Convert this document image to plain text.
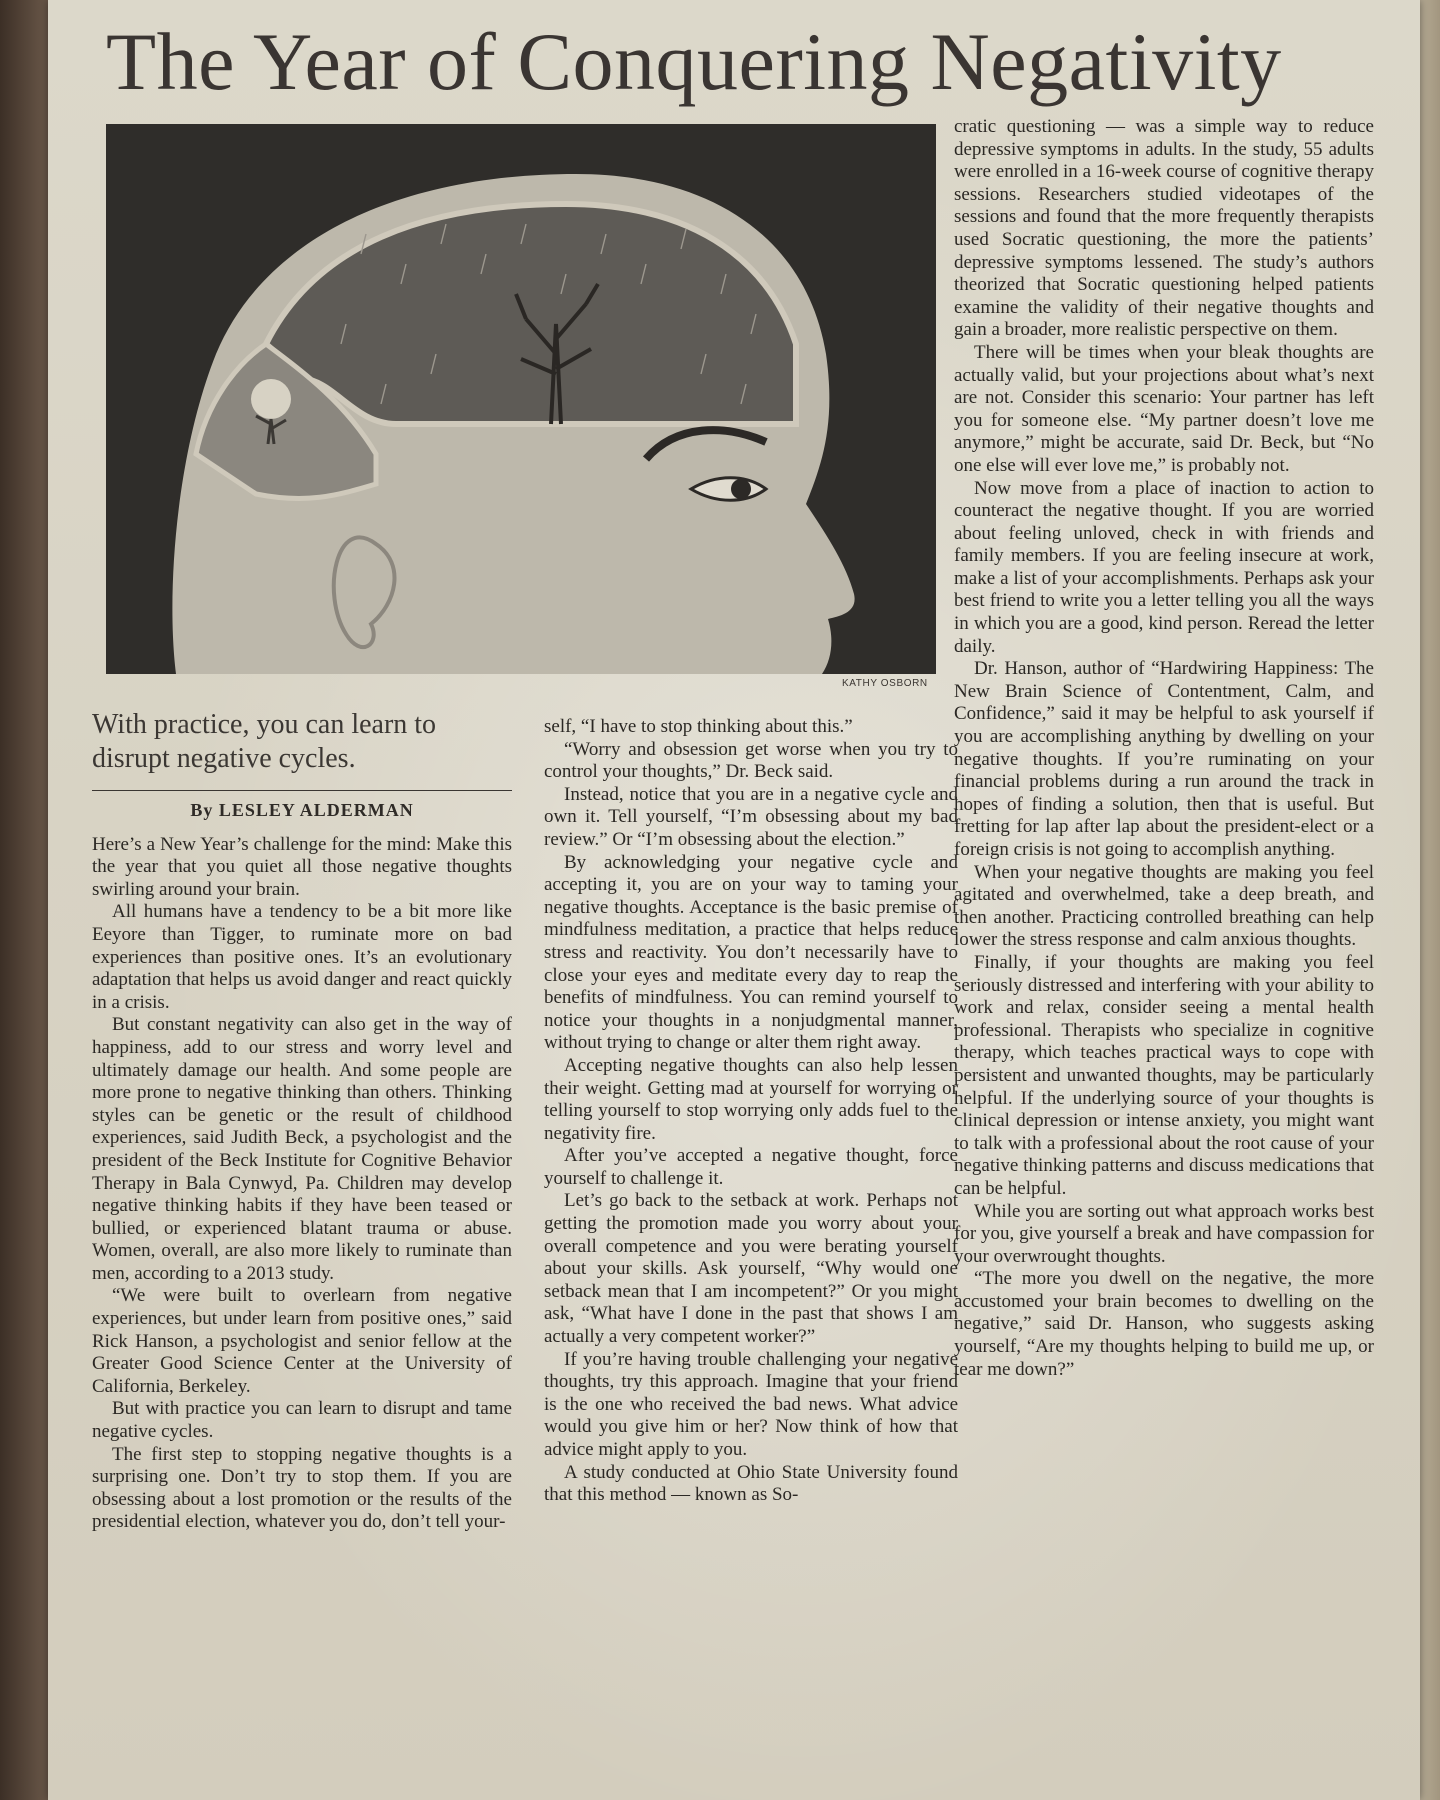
The Year of Conquering Negativity
KATHY OSBORN
With practice, you can learn to disrupt negative cycles.
By LESLEY ALDERMAN

Here’s a New Year’s challenge for the mind: Make this the year that you quiet all those negative thoughts swirling around your brain.

All humans have a tendency to be a bit more like Eeyore than Tigger, to ruminate more on bad experiences than positive ones. It’s an evolutionary adaptation that helps us avoid danger and react quickly in a crisis.

But constant negativity can also get in the way of happiness, add to our stress and worry level and ultimately damage our health. And some people are more prone to negative thinking than others. Thinking styles can be genetic or the result of childhood experiences, said Judith Beck, a psychologist and the president of the Beck Institute for Cognitive Behavior Therapy in Bala Cynwyd, Pa. Children may develop negative thinking habits if they have been teased or bullied, or experienced blatant trauma or abuse. Women, overall, are also more likely to ruminate than men, according to a 2013 study.

“We were built to overlearn from negative experiences, but under learn from positive ones,” said Rick Hanson, a psychologist and senior fellow at the Greater Good Science Center at the University of California, Berkeley.

But with practice you can learn to disrupt and tame negative cycles.

The first step to stopping negative thoughts is a surprising one. Don’t try to stop them. If you are obsessing about a lost promotion or the results of the presidential election, whatever you do, don’t tell your-

self, “I have to stop thinking about this.”

“Worry and obsession get worse when you try to control your thoughts,” Dr. Beck said.

Instead, notice that you are in a negative cycle and own it. Tell yourself, “I’m obsessing about my bad review.” Or “I’m obsessing about the election.”

By acknowledging your negative cycle and accepting it, you are on your way to taming your negative thoughts. Acceptance is the basic premise of mindfulness meditation, a practice that helps reduce stress and reactivity. You don’t necessarily have to close your eyes and meditate every day to reap the benefits of mindfulness. You can remind yourself to notice your thoughts in a nonjudgmental manner, without trying to change or alter them right away.

Accepting negative thoughts can also help lessen their weight. Getting mad at yourself for worrying or telling yourself to stop worrying only adds fuel to the negativity fire.

After you’ve accepted a negative thought, force yourself to challenge it.

Let’s go back to the setback at work. Perhaps not getting the promotion made you worry about your overall competence and you were berating yourself about your skills. Ask yourself, “Why would one setback mean that I am incompetent?” Or you might ask, “What have I done in the past that shows I am actually a very competent worker?”

If you’re having trouble challenging your negative thoughts, try this approach. Imagine that your friend is the one who received the bad news. What advice would you give him or her? Now think of how that advice might apply to you.

A study conducted at Ohio State University found that this method — known as So-

cratic questioning — was a simple way to reduce depressive symptoms in adults. In the study, 55 adults were enrolled in a 16-week course of cognitive therapy sessions. Researchers studied videotapes of the sessions and found that the more frequently therapists used Socratic questioning, the more the patients’ depressive symptoms lessened. The study’s authors theorized that Socratic questioning helped patients examine the validity of their negative thoughts and gain a broader, more realistic perspective on them.

There will be times when your bleak thoughts are actually valid, but your projections about what’s next are not. Consider this scenario: Your partner has left you for someone else. “My partner doesn’t love me anymore,” might be accurate, said Dr. Beck, but “No one else will ever love me,” is probably not.

Now move from a place of inaction to action to counteract the negative thought. If you are worried about feeling unloved, check in with friends and family members. If you are feeling insecure at work, make a list of your accomplishments. Perhaps ask your best friend to write you a letter telling you all the ways in which you are a good, kind person. Reread the letter daily.

Dr. Hanson, author of “Hardwiring Happiness: The New Brain Science of Contentment, Calm, and Confidence,” said it may be helpful to ask yourself if you are accomplishing anything by dwelling on your negative thoughts. If you’re ruminating on your financial problems during a run around the track in hopes of finding a solution, then that is useful. But fretting for lap after lap about the president-elect or a foreign crisis is not going to accomplish anything.

When your negative thoughts are making you feel agitated and overwhelmed, take a deep breath, and then another. Practicing controlled breathing can help lower the stress response and calm anxious thoughts.

Finally, if your thoughts are making you feel seriously distressed and interfering with your ability to work and relax, consider seeing a mental health professional. Therapists who specialize in cognitive therapy, which teaches practical ways to cope with persistent and unwanted thoughts, may be particularly helpful. If the underlying source of your thoughts is clinical depression or intense anxiety, you might want to talk with a professional about the root cause of your negative thinking patterns and discuss medications that can be helpful.

While you are sorting out what approach works best for you, give yourself a break and have compassion for your overwrought thoughts.

“The more you dwell on the negative, the more accustomed your brain becomes to dwelling on the negative,” said Dr. Hanson, who suggests asking yourself, “Are my thoughts helping to build me up, or tear me down?”
